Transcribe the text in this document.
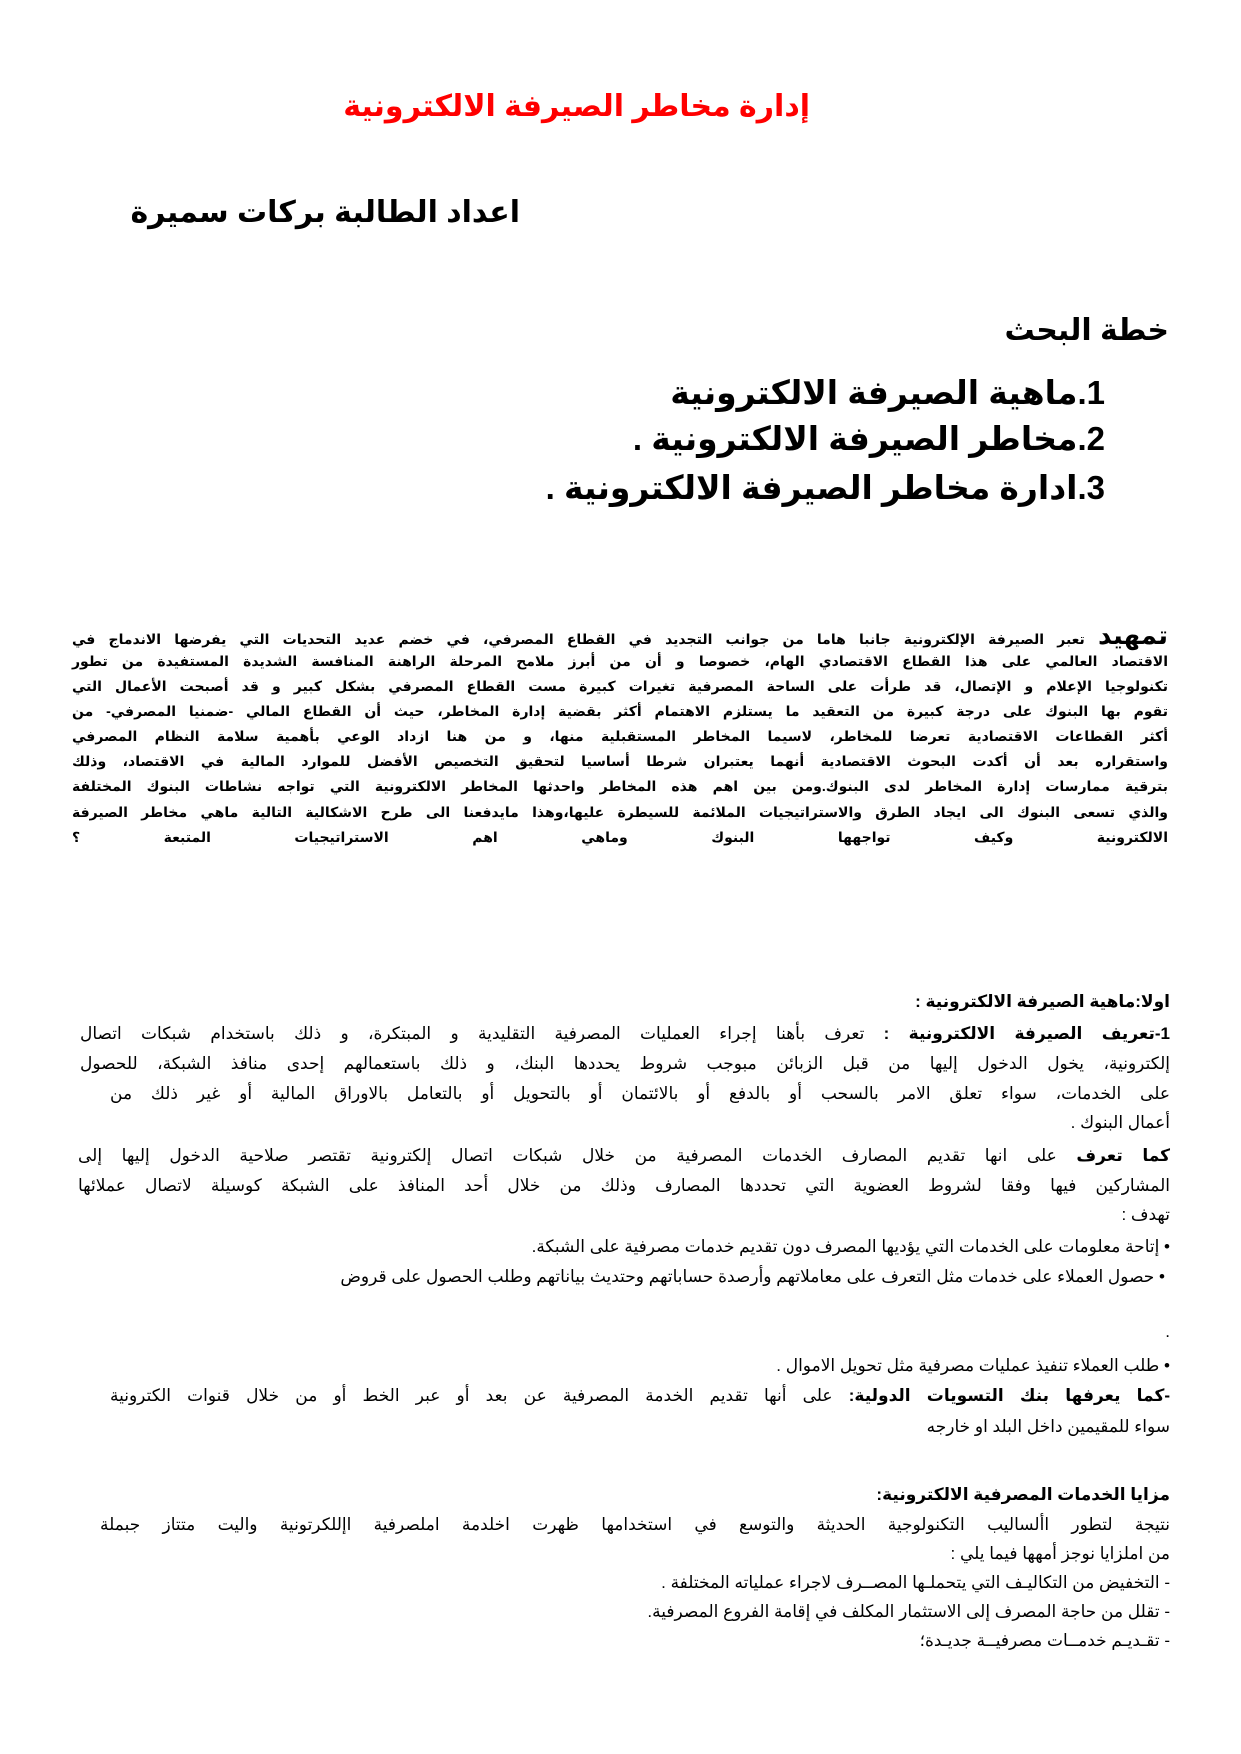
إدارة مخاطر الصيرفة الالكترونية
اعداد الطالبة بركات سميرة
خطة البحث
1.ماهية الصيرفة الالكترونية
2.مخاطر الصيرفة الالكترونية .
3.ادارة مخاطر الصيرفة الالكترونية .
تمهيد تعبر الصيرفة الإلكترونية جانبا هاما من جوانب التجديد في القطاع المصرفي، في خضم عديد التحديات التي يفرضها الاندماج في
الاقتصاد العالمي على هذا القطاع الاقتصادي الهام، خصوصا و أن من أبرز ملامح المرحلة الراهنة المنافسة الشديدة المستفيدة من تطور
تكنولوجيا الإعلام و الإتصال، قد طرأت على الساحة المصرفية تغيرات كبيرة مست القطاع المصرفي بشكل كبير و قد أصبحت الأعمال التي
تقوم بها البنوك على درجة كبيرة من التعقيد ما يستلزم الاهتمام أكثر بقضية إدارة المخاطر، حيث أن القطاع المالي -ضمنيا المصرفي- من
أكثر القطاعات الاقتصادية تعرضا للمخاطر، لاسيما المخاطر المستقبلية منها، و من هنا ازداد الوعي بأهمية سلامة النظام المصرفي
واستقراره بعد أن أكدت البحوث الاقتصادية أنهما يعتبران شرطا أساسيا لتحقيق التخصيص الأفضل للموارد المالية في الاقتصاد، وذلك
بترقية ممارسات إدارة المخاطر لدى البنوك.ومن بين اهم هذه المخاطر واحدثها المخاطر الالكترونية التي تواجه نشاطات البنوك المختلفة
والذي تسعى البنوك الى ايجاد الطرق والاستراتيجيات الملائمة للسيطرة عليها،وهذا مايدفعنا الى طرح الاشكالية التالية ماهي مخاطر الصيرفة
الالكترونية وكيف تواجهها البنوك وماهي اهم الاستراتيجيات المتبعة ؟
اولا:ماهية الصيرفة الالكترونية :
1-تعريف الصيرفة الالكترونية : تعرف بأهنا إجراء العمليات المصرفية التقليدية و المبتكرة، و ذلك باستخدام شبكات اتصال
إلكترونية، يخول الدخول إليها من قبل الزبائن مبوجب شروط يحددها البنك، و ذلك باستعمالهم إحدى منافذ الشبكة، للحصول
على الخدمات، سواء تعلق الامر بالسحب أو بالدفع أو بالائتمان أو بالتحويل أو بالتعامل بالاوراق المالية أو غير ذلك من
أعمال البنوك .
كما تعرف على انها تقديم المصارف الخدمات المصرفية من خلال شبكات اتصال إلكترونية تقتصر صلاحية الدخول إليها إلى
المشاركين فيها وفقا لشروط العضوية التي تحددها المصارف وذلك من خلال أحد المنافذ على الشبكة كوسيلة لاتصال عملائها
تهدف :
• إتاحة معلومات على الخدمات التي يؤديها المصرف دون تقديم خدمات مصرفية على الشبكة.
• حصول العملاء على خدمات مثل التعرف على معاملاتهم وأرصدة حساباتهم وحتديث بياناتهم وطلب الحصول على قروض
.
• طلب العملاء تنفيذ عمليات مصرفية مثل تحويل الاموال .
-كما يعرفها بنك التسويات الدولية: على أنها تقديم الخدمة المصرفية عن بعد أو عبر الخط أو من خلال قنوات الكترونية
سواء للمقيمين داخل البلد او خارجه
مزايا الخدمات المصرفية الالكترونية:
نتيجة لتطور األساليب التكنولوجية الحديثة والتوسع في استخدامها ظهرت اخلدمة املصرفية اإللكرتونية واليت متتاز جبملة
من املزايا نوجز أمهها فيما يلي :
- التخفيض من التكاليـف التي يتحملـها المصــرف لاجراء عملياته المختلفة .
- تقلل من حاجة المصرف إلى الاستثمار المكلف في إقامة الفروع المصرفية.
- تقـديـم خدمــات مصرفيــة جديـدة؛
